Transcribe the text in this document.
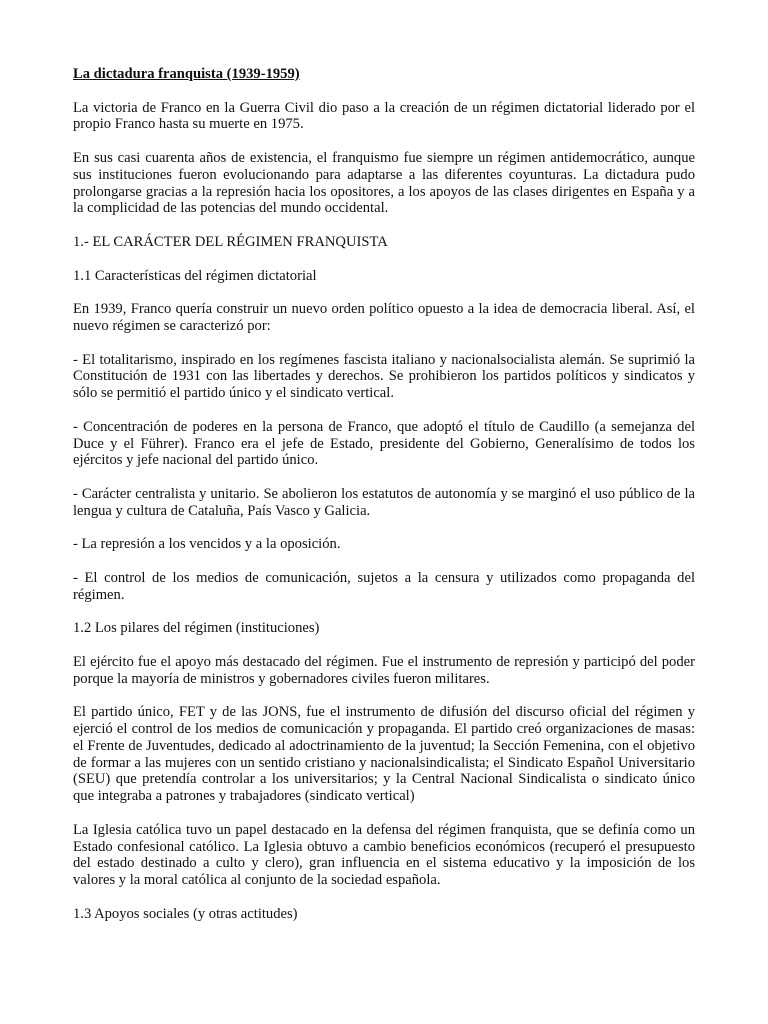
La dictadura franquista (1939-1959)

La victoria de Franco en la Guerra Civil dio paso a la creación de un régimen dictatorial liderado por el propio Franco hasta su muerte en 1975.

En sus casi cuarenta años de existencia, el franquismo fue siempre un régimen antidemocrático, aunque sus instituciones fueron evolucionando para adaptarse a las diferentes coyunturas. La dictadura pudo prolongarse gracias a la represión hacia los opositores, a los apoyos de las clases dirigentes en España y a la complicidad de las potencias del mundo occidental.

1.- EL CARÁCTER DEL RÉGIMEN FRANQUISTA

1.1 Características del régimen dictatorial

En 1939, Franco quería construir un nuevo orden político opuesto a la idea de democracia liberal. Así, el nuevo régimen se caracterizó por:

- El totalitarismo, inspirado en los regímenes fascista italiano y nacionalsocialista alemán. Se suprimió la Constitución de 1931 con las libertades y derechos. Se prohibieron los partidos políticos y sindicatos y sólo se permitió el partido único y el sindicato vertical.

- Concentración de poderes en la persona de Franco, que adoptó el título de Caudillo (a semejanza del Duce y el Führer). Franco era el jefe de Estado, presidente del Gobierno, Generalísimo de todos los ejércitos y jefe nacional del partido único.

- Carácter centralista y unitario. Se abolieron los estatutos de autonomía y se marginó el uso público de la lengua y cultura de Cataluña, País Vasco y Galicia.

- La represión a los vencidos y a la oposición.

- El control de los medios de comunicación, sujetos a la censura y utilizados como propaganda del régimen.

1.2 Los pilares del régimen (instituciones)

El ejército fue el apoyo más destacado del régimen. Fue el instrumento de represión y participó del poder porque la mayoría de ministros y gobernadores civiles fueron militares.

El partido único, FET y de las JONS, fue el instrumento de difusión del discurso oficial del régimen y ejerció el control de los medios de comunicación y propaganda. El partido creó organizaciones de masas: el Frente de Juventudes, dedicado al adoctrinamiento de la juventud; la Sección Femenina, con el objetivo de formar a las mujeres con un sentido cristiano y nacionalsindicalista; el Sindicato Español Universitario (SEU) que pretendía controlar a los universitarios; y la Central Nacional Sindicalista o sindicato único que integraba a patrones y trabajadores (sindicato vertical)

La Iglesia católica tuvo un papel destacado en la defensa del régimen franquista, que se definía como un Estado confesional católico. La Iglesia obtuvo a cambio beneficios económicos (recuperó el presupuesto del estado destinado a culto y clero), gran influencia en el sistema educativo y la imposición de los valores y la moral católica al conjunto de la sociedad española.

1.3 Apoyos sociales (y otras actitudes)
